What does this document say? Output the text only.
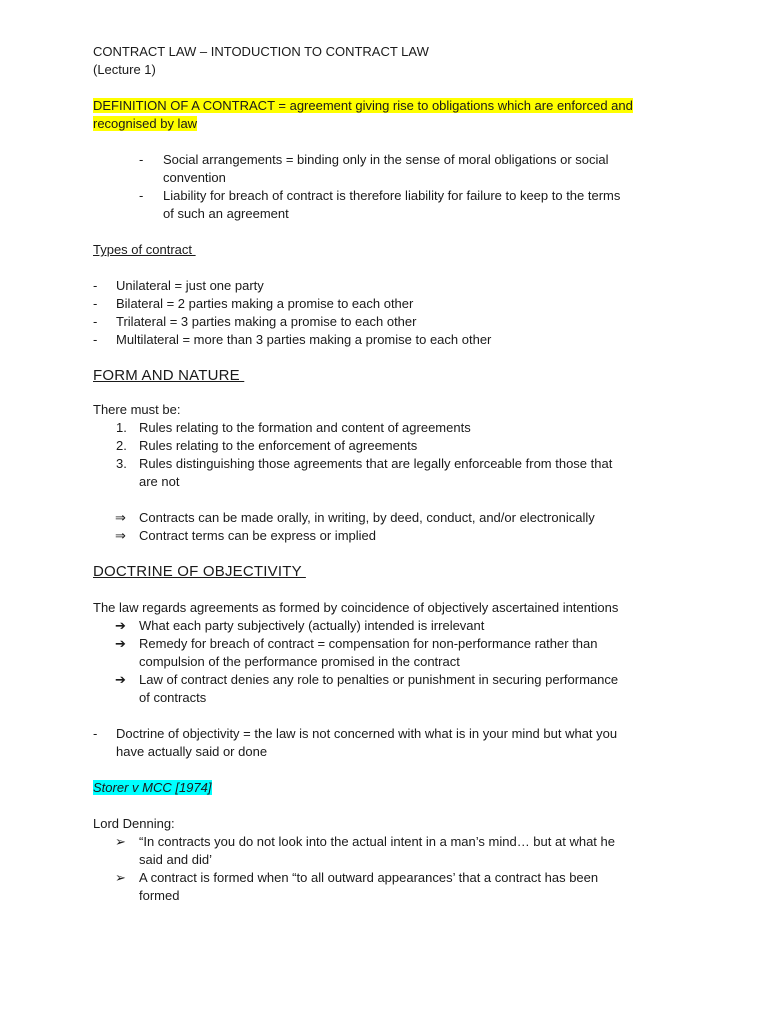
CONTRACT LAW – INTODUCTION TO CONTRACT LAW
(Lecture 1)
DEFINITION OF A CONTRACT = agreement giving rise to obligations which are enforced and
recognised by law
- Social arrangements = binding only in the sense of moral obligations or social
convention
- Liability for breach of contract is therefore liability for failure to keep to the terms
of such an agreement
Types of contract
- Unilateral = just one party
- Bilateral = 2 parties making a promise to each other
- Trilateral = 3 parties making a promise to each other
- Multilateral = more than 3 parties making a promise to each other
FORM AND NATURE
There must be:
1. Rules relating to the formation and content of agreements
2. Rules relating to the enforcement of agreements
3. Rules distinguishing those agreements that are legally enforceable from those that
are not
⇒ Contracts can be made orally, in writing, by deed, conduct, and/or electronically
⇒ Contract terms can be express or implied
DOCTRINE OF OBJECTIVITY
The law regards agreements as formed by coincidence of objectively ascertained intentions
➔ What each party subjectively (actually) intended is irrelevant
➔ Remedy for breach of contract = compensation for non-performance rather than
compulsion of the performance promised in the contract
➔ Law of contract denies any role to penalties or punishment in securing performance
of contracts
- Doctrine of objectivity = the law is not concerned with what is in your mind but what you
have actually said or done
Storer v MCC [1974]
Lord Denning:
➢ “In contracts you do not look into the actual intent in a man’s mind… but at what he
said and did’
➢ A contract is formed when “to all outward appearances’ that a contract has been
formed
